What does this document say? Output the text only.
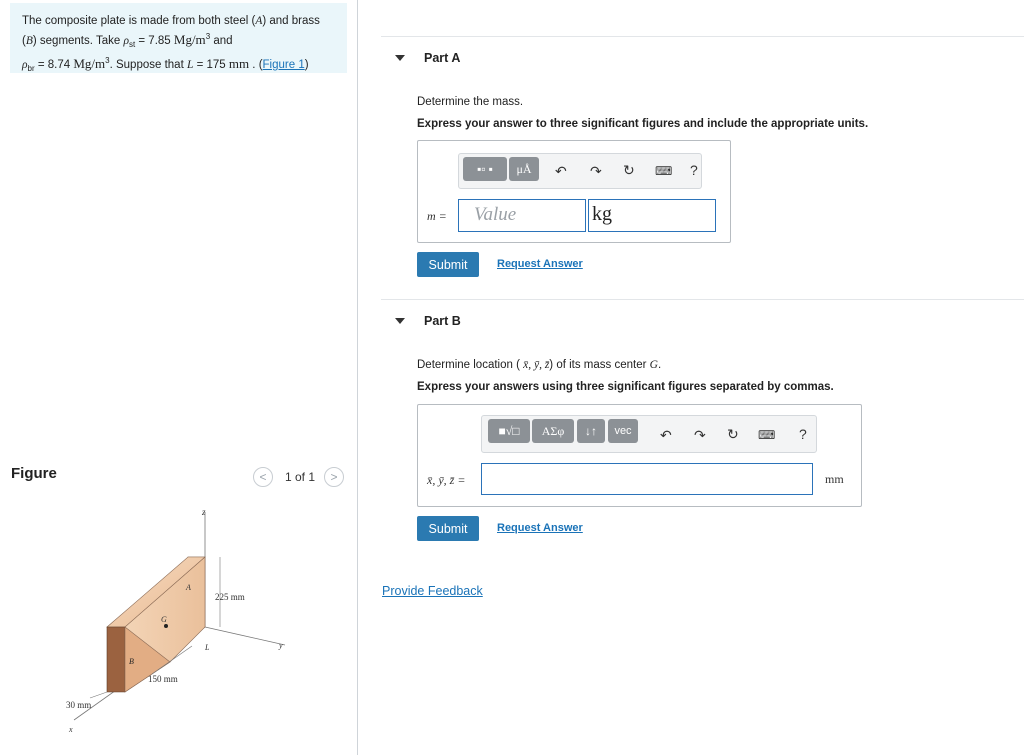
The composite plate is made from both steel (A) and brass
(B) segments. Take $\rho_{st} = 7.85$ $Mg/m^3$ and
$\rho_{br} = 8.74$ $Mg/m^3$. Suppose that L = 175 mm . (Figure 1)
Figure	< 1 of 1 >
z
A
225 mm
G
L	y
B
150 mm
30 mm
x
Part A
Determine the mass.
Express your answer to three significant figures and include the appropriate units.
▪▫ ▪ μÅ ↶ ↷ ↻ ⌨ ?
m = Value	kg
Submit	Request Answer
Part B
Determine location ( x̄, ȳ, z̄) of its mass center G.
Express your answers using three significant figures separated by commas.
■√□ ΑΣφ ↓↑ vec ↶ ↷ ↻ ⌨ ?
x̄, ȳ, z̄ =	mm
Submit	Request Answer
Provide Feedback
